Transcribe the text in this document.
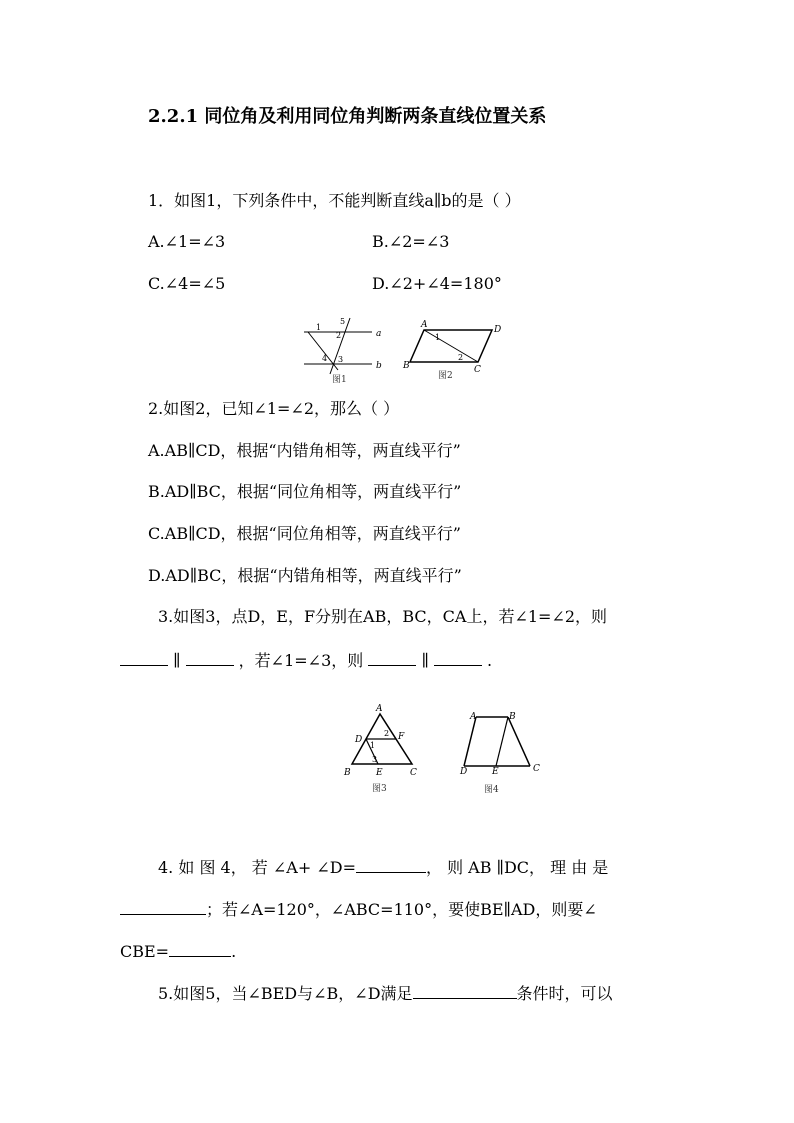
2.2.1 同位角及利用同位角判断两条直线位置关系
1．如图1，下列条件中，不能判断直线a∥b的是（ ）
A.∠1=∠3	B.∠2=∠3
C.∠4=∠5	D.∠2+∠4=180°
a
b
1
2
3
4
5
图1
A	D
B	C
1
2
图2
2.如图2，已知∠1=∠2，那么（ ）
A.AB∥CD，根据“内错角相等，两直线平行”
B.AD∥BC，根据“同位角相等，两直线平行”
C.AB∥CD，根据“同位角相等，两直线平行”
D.AD∥BC，根据“内错角相等，两直线平行”
3.如图3，点D，E，F分别在AB，BC，CA上，若∠1=∠2，则
∥	，若∠1=∠3，则	∥	.
A
D	F
B	E	C
1
2
3
图3
A	B
D	E	C
图4
4. 如 图 4， 若 ∠A+ ∠D=	， 则 AB ∥DC， 理 由 是
；若∠A=120°，∠ABC=110°，要使BE∥AD，则要∠
CBE=	.
5.如图5，当∠BED与∠B，∠D满足	条件时，可以
